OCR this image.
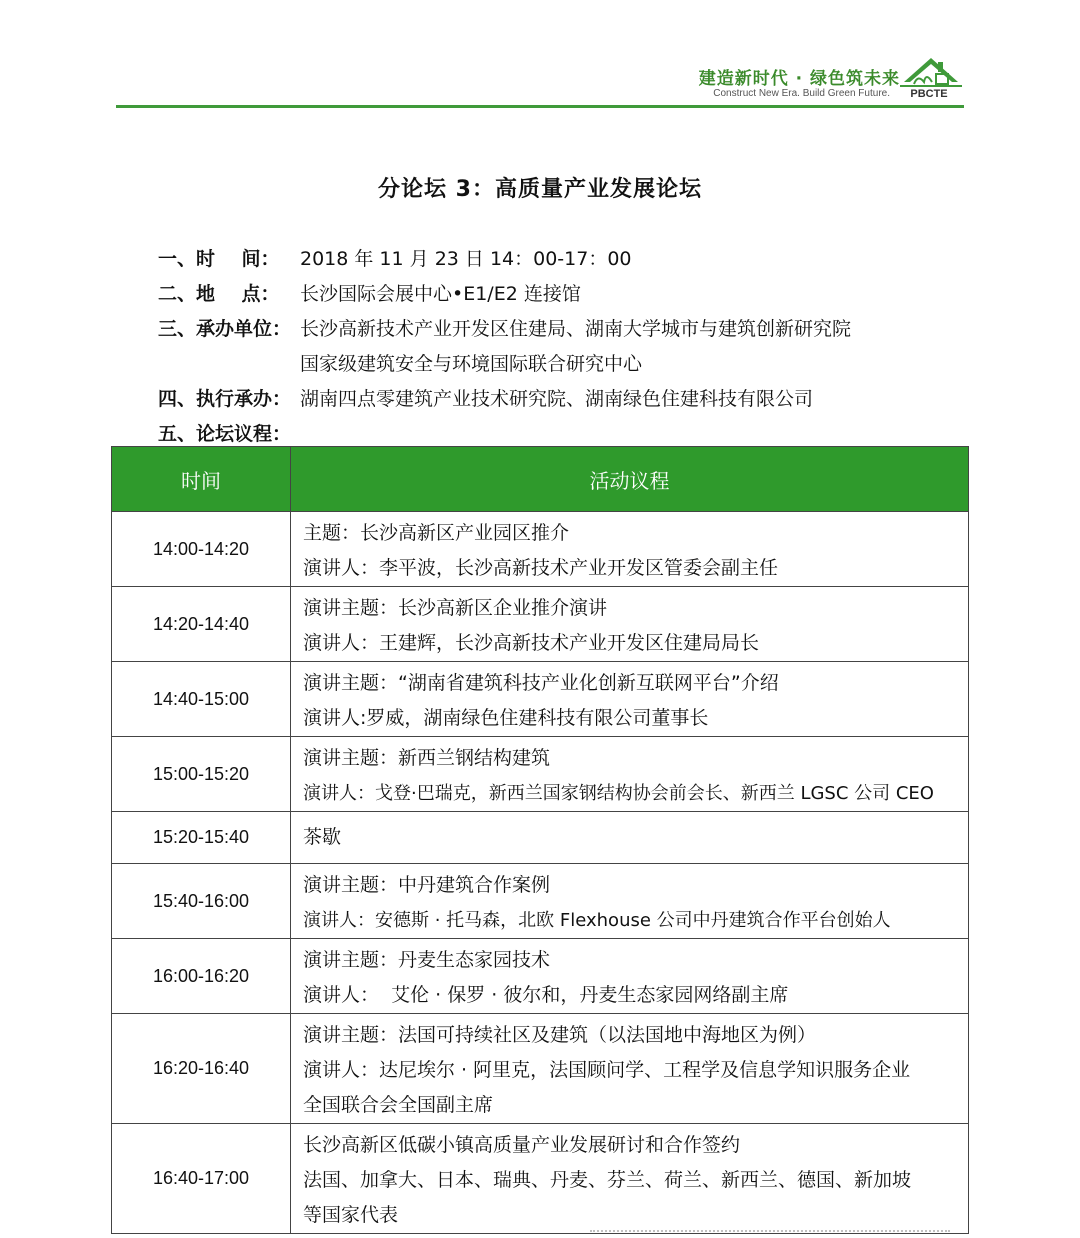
建造新时代 · 绿色筑未来
Construct New Era. Build Green Future.	PBCTE
分论坛 3：高质量产业发展论坛
一、时    间： 2018 年 11 月 23 日 14：00-17：00
二、地    点： 长沙国际会展中心•E1/E2 连接馆
三、承办单位： 长沙高新技术产业开发区住建局、湖南大学城市与建筑创新研究院
国家级建筑安全与环境国际联合研究中心
四、执行承办： 湖南四点零建筑产业技术研究院、湖南绿色住建科技有限公司
五、论坛议程：
时间	活动议程
14:00-14:20	主题：长沙高新区产业园区推介
演讲人：李平波，长沙高新技术产业开发区管委会副主任

14:20-14:40	演讲主题：长沙高新区企业推介演讲
演讲人：王建辉，长沙高新技术产业开发区住建局局长

14:40-15:00	演讲主题：“湖南省建筑科技产业化创新互联网平台”介绍
演讲人:罗威，湖南绿色住建科技有限公司董事长

15:00-15:20	演讲主题：新西兰钢结构建筑
演讲人：戈登·巴瑞克，新西兰国家钢结构协会前会长、新西兰 LGSC 公司 CEO

15:20-15:40	茶歇

15:40-16:00	演讲主题：中丹建筑合作案例
演讲人：安德斯 · 托马森，北欧 Flexhouse 公司中丹建筑合作平台创始人

16:00-16:20	演讲主题：丹麦生态家园技术
演讲人：  艾伦 · 保罗 · 彼尔和，丹麦生态家园网络副主席

16:20-16:40	演讲主题：法国可持续社区及建筑（以法国地中海地区为例）
演讲人：达尼埃尔 · 阿里克，法国顾问学、工程学及信息学知识服务企业
全国联合会全国副主席

16:40-17:00	长沙高新区低碳小镇高质量产业发展研讨和合作签约
法国、加拿大、日本、瑞典、丹麦、芬兰、荷兰、新西兰、德国、新加坡
等国家代表
